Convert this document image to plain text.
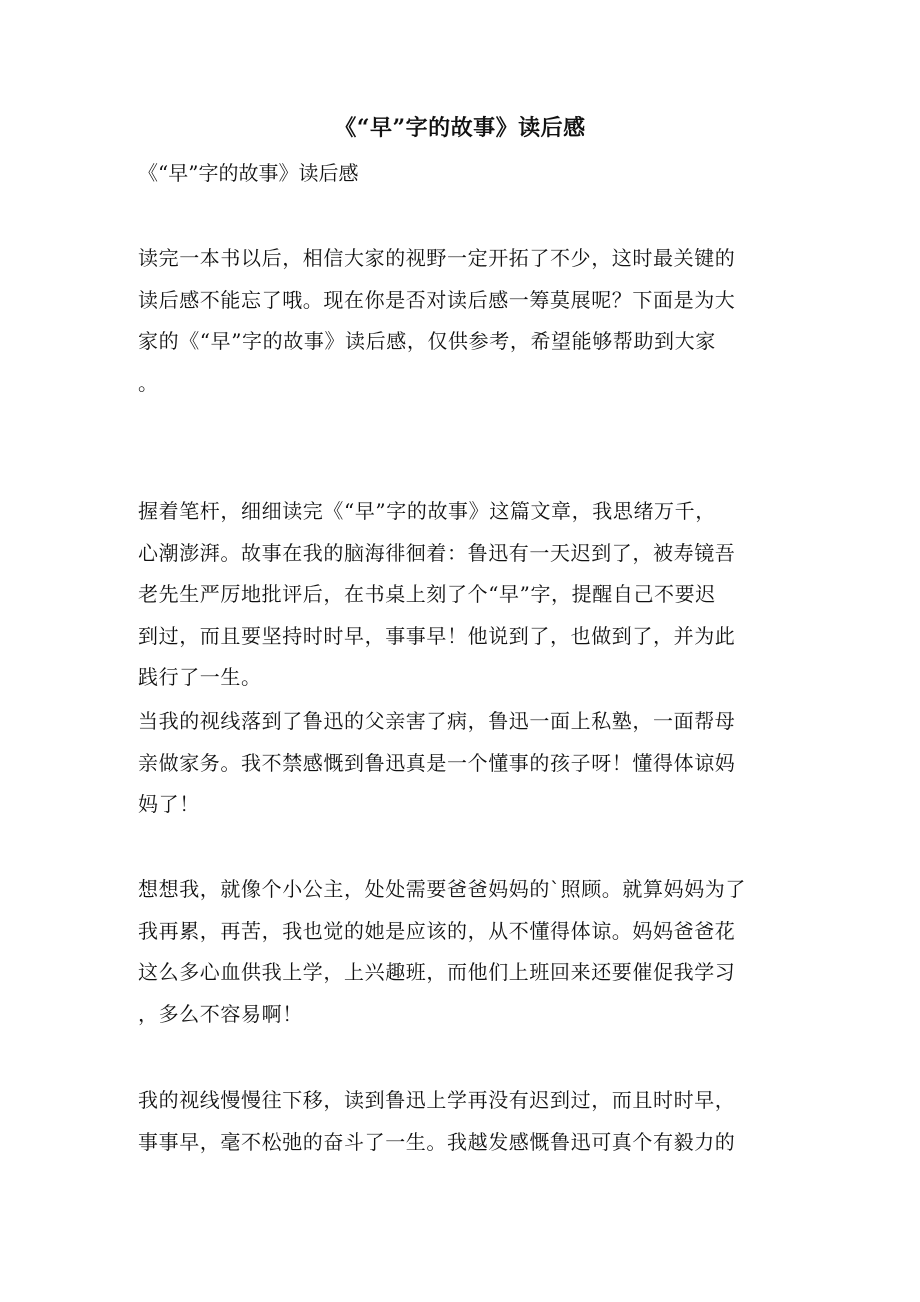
《“早”字的故事》读后感
《“早”字的故事》读后感
读完一本书以后，相信大家的视野一定开拓了不少，这时最关键的
读后感不能忘了哦。现在你是否对读后感一筹莫展呢？下面是为大
家的《“早”字的故事》读后感，仅供参考，希望能够帮助到大家
。
握着笔杆，细细读完《“早”字的故事》这篇文章，我思绪万千，
心潮澎湃。故事在我的脑海徘徊着：鲁迅有一天迟到了，被寿镜吾
老先生严厉地批评后，在书桌上刻了个“早”字，提醒自己不要迟
到过，而且要坚持时时早，事事早！他说到了，也做到了，并为此
践行了一生。
当我的视线落到了鲁迅的父亲害了病，鲁迅一面上私塾，一面帮母
亲做家务。我不禁感慨到鲁迅真是一个懂事的孩子呀！懂得体谅妈
妈了！
想想我，就像个小公主，处处需要爸爸妈妈的`照顾。就算妈妈为了
我再累，再苦，我也觉的她是应该的，从不懂得体谅。妈妈爸爸花
这么多心血供我上学，上兴趣班，而他们上班回来还要催促我学习
，多么不容易啊！
我的视线慢慢往下移，读到鲁迅上学再没有迟到过，而且时时早，
事事早，毫不松弛的奋斗了一生。我越发感慨鲁迅可真个有毅力的
